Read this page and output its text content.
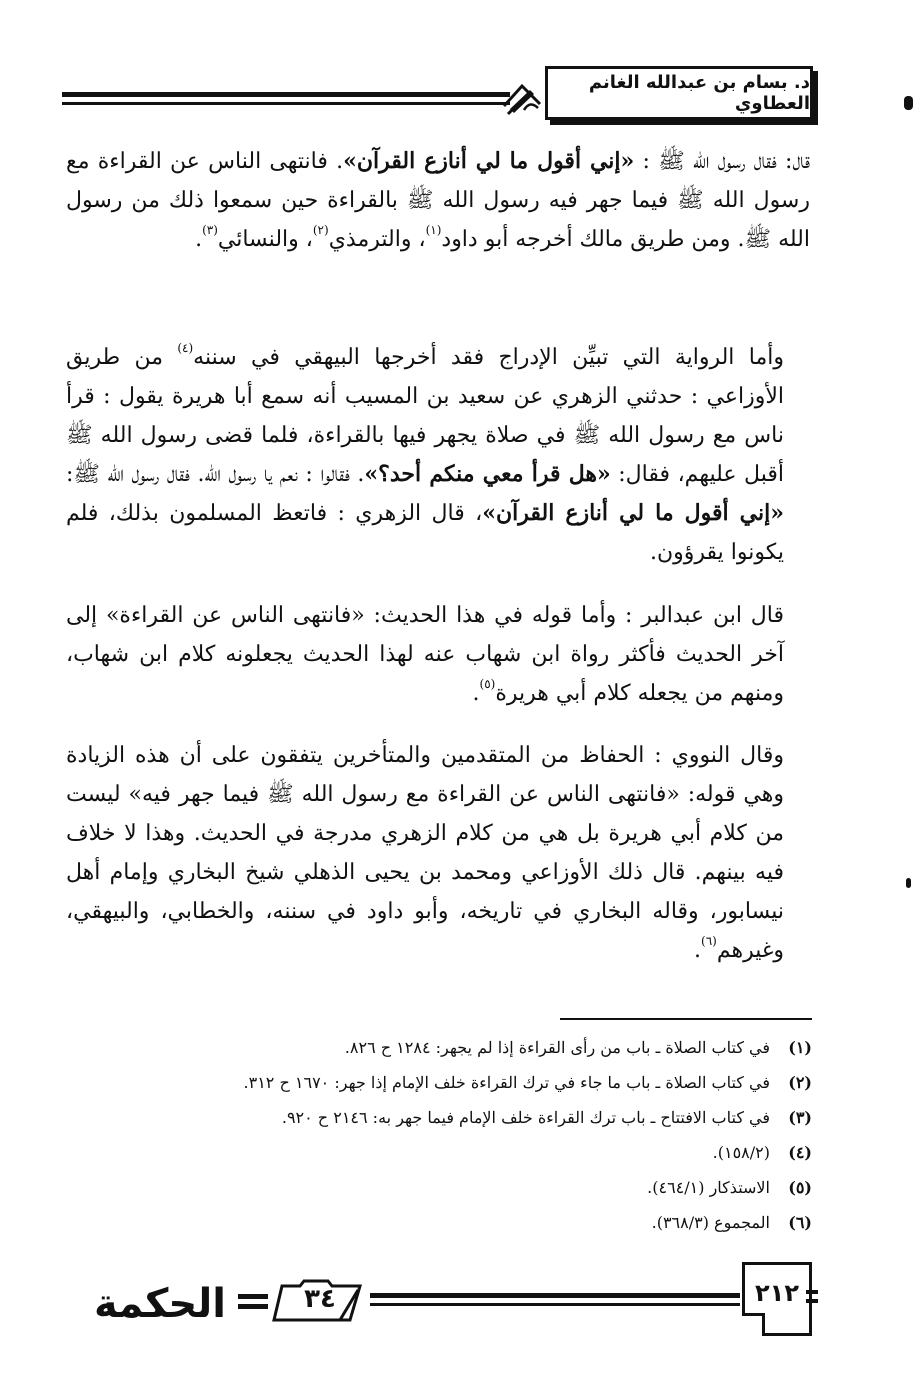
د. بسام بن عبدالله الغانم العطاوي

قال: فقال رسول الله ﷺ : «إني أقول ما لي أنازع القرآن». فانتهى الناس عن القراءة مع رسول الله ﷺ فيما جهر فيه رسول الله ﷺ بالقراءة حين سمعوا ذلك من رسول الله ﷺ. ومن طريق مالك أخرجه أبو داود$^{(١)}$، والترمذي$^{(٢)}$، والنسائي$^{(٣)}$.

وأما الرواية التي تبيِّن الإدراج فقد أخرجها البيهقي في سننه$^{(٤)}$ من طريق الأوزاعي : حدثني الزهري عن سعيد بن المسيب أنه سمع أبا هريرة يقول : قرأ ناس مع رسول الله ﷺ في صلاة يجهر فيها بالقراءة، فلما قضى رسول الله ﷺ أقبل عليهم، فقال: «هل قرأ معي منكم أحد؟». فقالوا : نعم يا رسول الله. فقال رسول الله ﷺ: «إني أقول ما لي أنازع القرآن»، قال الزهري : فاتعظ المسلمون بذلك، فلم يكونوا يقرؤون.

قال ابن عبدالبر : وأما قوله في هذا الحديث: «فانتهى الناس عن القراءة» إلى آخر الحديث فأكثر رواة ابن شهاب عنه لهذا الحديث يجعلونه كلام ابن شهاب، ومنهم من يجعله كلام أبي هريرة$^{(٥)}$.

وقال النووي : الحفاظ من المتقدمين والمتأخرين يتفقون على أن هذه الزيادة وهي قوله: «فانتهى الناس عن القراءة مع رسول الله ﷺ فيما جهر فيه» ليست من كلام أبي هريرة بل هي من كلام الزهري مدرجة في الحديث. وهذا لا خلاف فيه بينهم. قال ذلك الأوزاعي ومحمد بن يحيى الذهلي شيخ البخاري وإمام أهل نيسابور، وقاله البخاري في تاريخه، وأبو داود في سننه، والخطابي، والبيهقي، وغيرهم$^{(٦)}$.

(١)في كتاب الصلاة ـ باب من رأى القراءة إذا لم يجهر: ١٢٨٤ ح ٨٢٦.
(٢)في كتاب الصلاة ـ باب ما جاء في ترك القراءة خلف الإمام إذا جهر: ١٦٧٠ ح ٣١٢.
(٣)في كتاب الافتتاح ـ باب ترك القراءة خلف الإمام فيما جهر به: ٢١٤٦ ح ٩٢٠.
(٤)(١٥٨/٢).
(٥)الاستذكار (٤٦٤/١).
(٦)المجموع (٣٦٨/٣).
الحكمة	٣٤	٢١٢
